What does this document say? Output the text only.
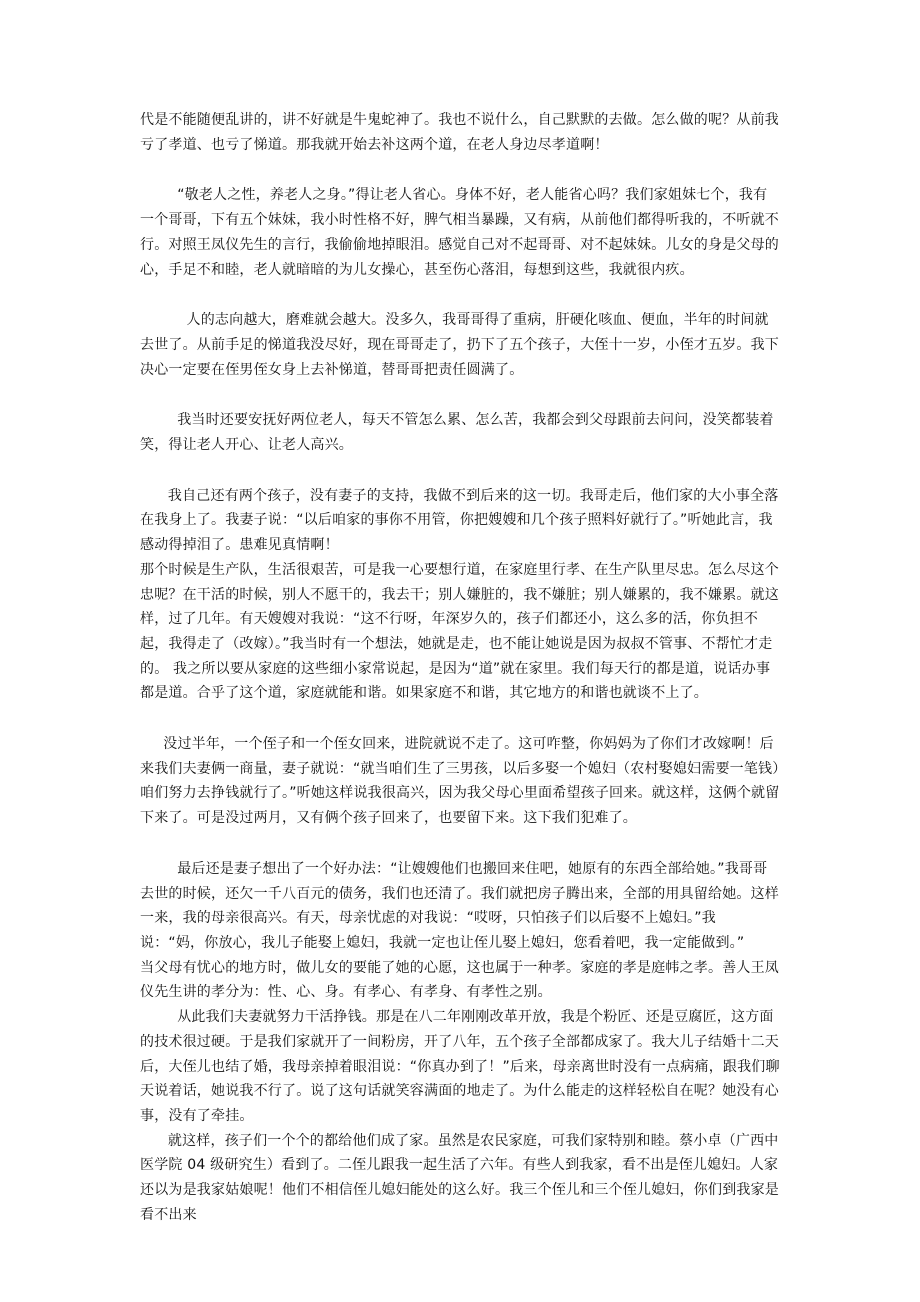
代是不能随便乱讲的，讲不好就是牛鬼蛇神了。我也不说什么，自己默默的去做。怎么做的呢？从前我亏了孝道、也亏了悌道。那我就开始去补这两个道，在老人身边尽孝道啊！

“敬老人之性，养老人之身。”得让老人省心。身体不好，老人能省心吗？我们家姐妹七个，我有一个哥哥，下有五个妹妹，我小时性格不好，脾气相当暴躁，又有病，从前他们都得听我的，不听就不行。对照王凤仪先生的言行，我偷偷地掉眼泪。感觉自己对不起哥哥、对不起妹妹。儿女的身是父母的心，手足不和睦，老人就暗暗的为儿女操心，甚至伤心落泪，每想到这些，我就很内疚。

人的志向越大，磨难就会越大。没多久，我哥哥得了重病，肝硬化咳血、便血，半年的时间就去世了。从前手足的悌道我没尽好，现在哥哥走了，扔下了五个孩子，大侄十一岁，小侄才五岁。我下决心一定要在侄男侄女身上去补悌道，替哥哥把责任圆满了。

我当时还要安抚好两位老人，每天不管怎么累、怎么苦，我都会到父母跟前去问问，没笑都装着笑，得让老人开心、让老人高兴。

我自己还有两个孩子，没有妻子的支持，我做不到后来的这一切。我哥走后，他们家的大小事全落在我身上了。我妻子说：“以后咱家的事你不用管，你把嫂嫂和几个孩子照料好就行了。”听她此言，我感动得掉泪了。患难见真情啊！

那个时候是生产队，生活很艰苦，可是我一心要想行道，在家庭里行孝、在生产队里尽忠。怎么尽这个忠呢？在干活的时候，别人不愿干的，我去干；别人嫌脏的，我不嫌脏；别人嫌累的，我不嫌累。就这样，过了几年。有天嫂嫂对我说：“这不行呀，年深岁久的，孩子们都还小，这么多的活，你负担不起，我得走了（改嫁）。”我当时有一个想法，她就是走，也不能让她说是因为叔叔不管事、不帮忙才走的。 我之所以要从家庭的这些细小家常说起，是因为“道”就在家里。我们每天行的都是道，说话办事都是道。合乎了这个道，家庭就能和谐。如果家庭不和谐，其它地方的和谐也就谈不上了。

没过半年，一个侄子和一个侄女回来，进院就说不走了。这可咋整，你妈妈为了你们才改嫁啊！后来我们夫妻俩一商量，妻子就说：“就当咱们生了三男孩，以后多娶一个媳妇（农村娶媳妇需要一笔钱）咱们努力去挣钱就行了。”听她这样说我很高兴，因为我父母心里面希望孩子回来。就这样，这俩个就留下来了。可是没过两月，又有俩个孩子回来了，也要留下来。这下我们犯难了。

最后还是妻子想出了一个好办法：“让嫂嫂他们也搬回来住吧，她原有的东西全部给她。”我哥哥去世的时候，还欠一千八百元的债务，我们也还清了。我们就把房子腾出来，全部的用具留给她。这样一来，我的母亲很高兴。有天，母亲忧虑的对我说：“哎呀，只怕孩子们以后娶不上媳妇。”我说：“妈，你放心，我儿子能娶上媳妇，我就一定也让侄儿娶上媳妇，您看着吧，我一定能做到。”

当父母有忧心的地方时，做儿女的要能了她的心愿，这也属于一种孝。家庭的孝是庭帏之孝。善人王凤仪先生讲的孝分为：性、心、身。有孝心、有孝身、有孝性之别。

从此我们夫妻就努力干活挣钱。那是在八二年刚刚改革开放，我是个粉匠、还是豆腐匠，这方面的技术很过硬。于是我们家就开了一间粉房，开了八年，五个孩子全部都成家了。我大儿子结婚十二天后，大侄儿也结了婚，我母亲掉着眼泪说：“你真办到了！”后来，母亲离世时没有一点病痛，跟我们聊天说着话，她说我不行了。说了这句话就笑容满面的地走了。为什么能走的这样轻松自在呢？她没有心事，没有了牵挂。

就这样，孩子们一个个的都给他们成了家。虽然是农民家庭，可我们家特别和睦。蔡小卓（广西中医学院 04 级研究生）看到了。二侄儿跟我一起生活了六年。有些人到我家，看不出是侄儿媳妇。人家还以为是我家姑娘呢！他们不相信侄儿媳妇能处的这么好。我三个侄儿和三个侄儿媳妇，你们到我家是看不出来
